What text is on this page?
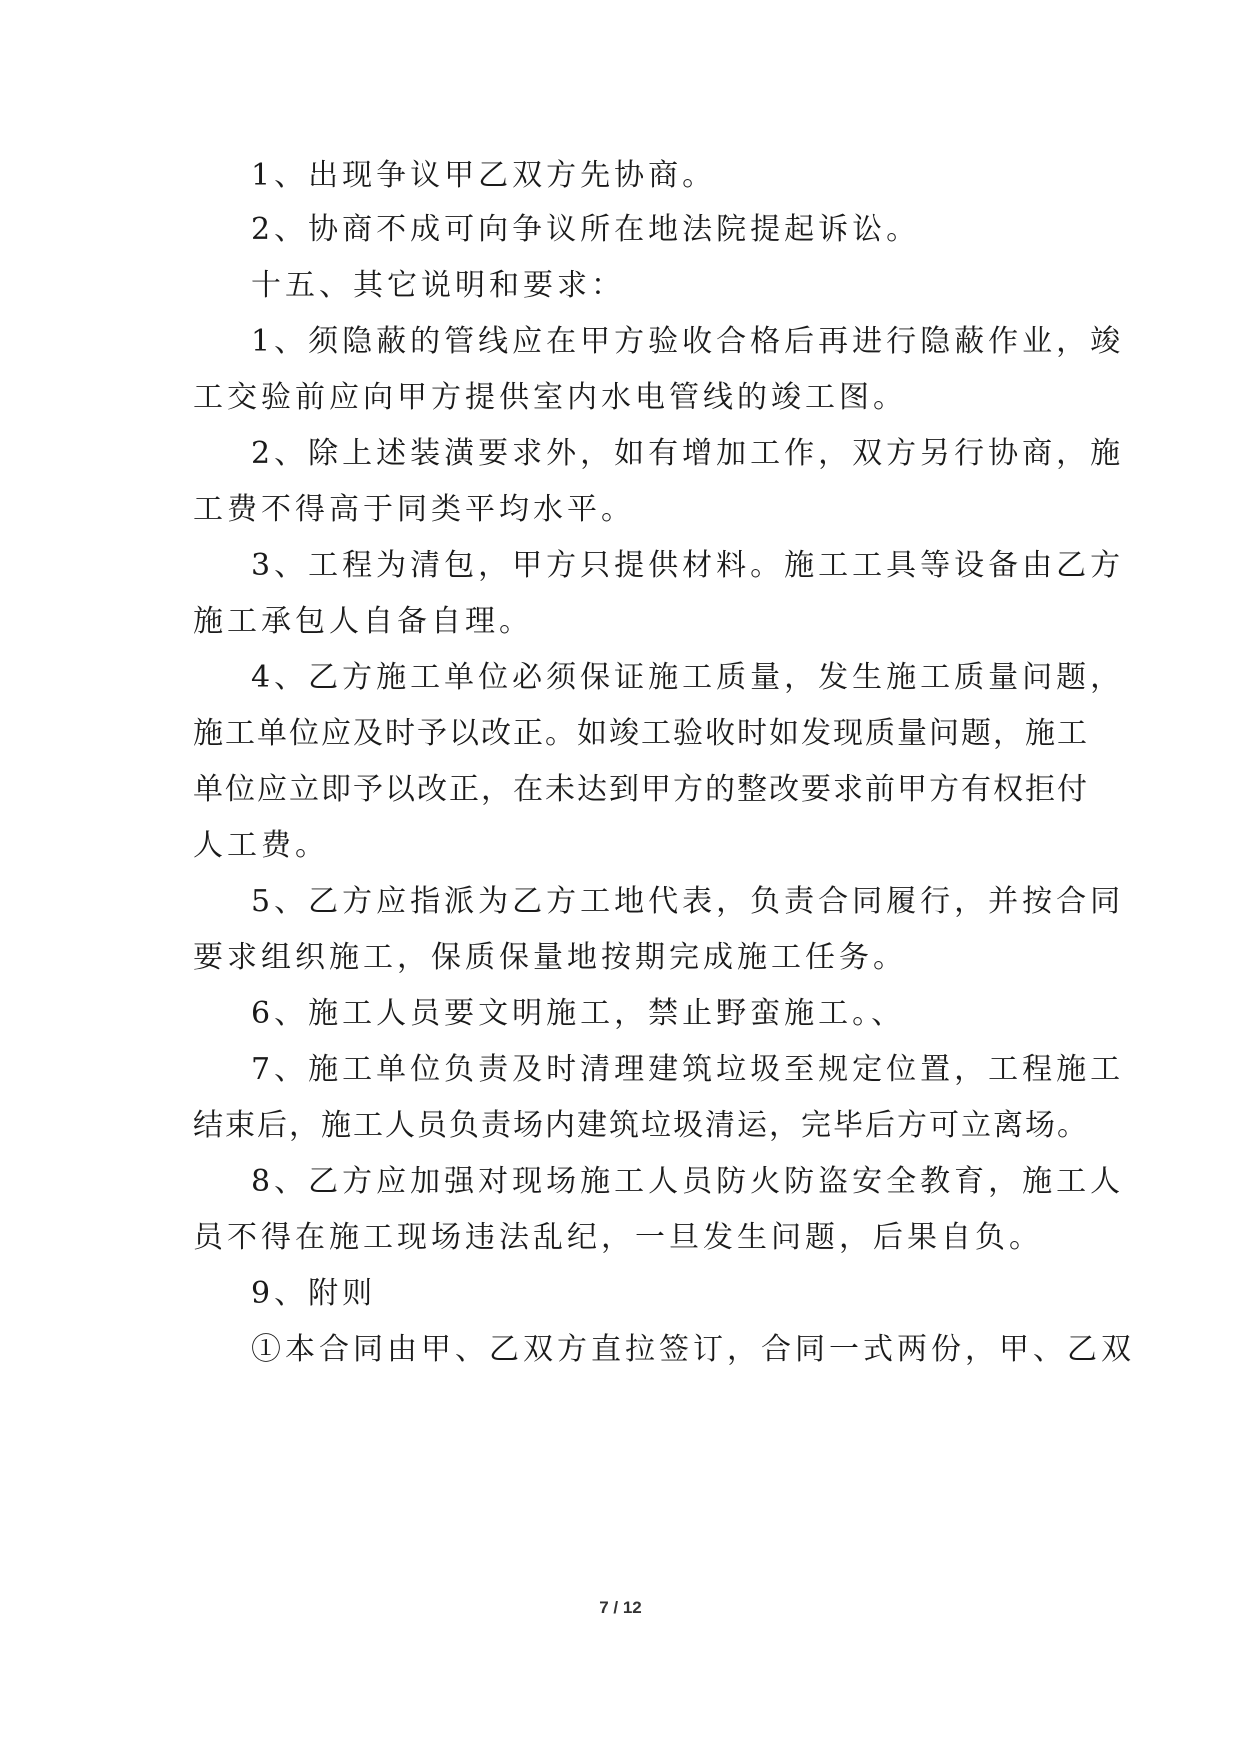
1、出现争议甲乙双方先协商。
2、协商不成可向争议所在地法院提起诉讼。
十五、其它说明和要求：
1、须隐蔽的管线应在甲方验收合格后再进行隐蔽作业，竣
工交验前应向甲方提供室内水电管线的竣工图。
2、除上述装潢要求外，如有增加工作，双方另行协商，施
工费不得高于同类平均水平。
3、工程为清包，甲方只提供材料。施工工具等设备由乙方
施工承包人自备自理。
4、乙方施工单位必须保证施工质量，发生施工质量问题，
施工单位应及时予以改正。如竣工验收时如发现质量问题，施工
单位应立即予以改正，在未达到甲方的整改要求前甲方有权拒付
人工费。
5、乙方应指派为乙方工地代表，负责合同履行，并按合同
要求组织施工，保质保量地按期完成施工任务。
6、施工人员要文明施工，禁止野蛮施工。、
7、施工单位负责及时清理建筑垃圾至规定位置，工程施工
结束后，施工人员负责场内建筑垃圾清运，完毕后方可立离场。
8、乙方应加强对现场施工人员防火防盗安全教育，施工人
员不得在施工现场违法乱纪，一旦发生问题，后果自负。
9、附则
①本合同由甲、乙双方直拉签订，合同一式两份，甲、乙双
7 / 12
